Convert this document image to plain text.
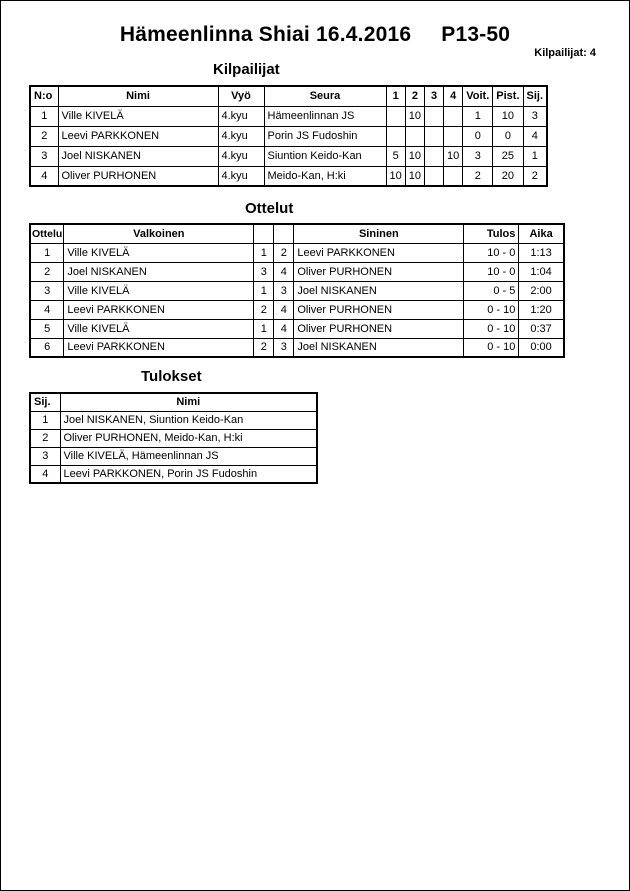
Hämeenlinna Shiai 16.4.2016 P13-50
Kilpailijat: 4
Kilpailijat
N:o	Nimi	Vyö	Seura	1	2	3	4	Voit.	Pist.	Sij.
1	Ville KIVELÄ	4.kyu	Hämeenlinnan JS		10			1	10	3
2	Leevi PARKKONEN	4.kyu	Porin JS Fudoshin					0	0	4
3	Joel NISKANEN	4.kyu	Siuntion Keido-Kan	5	10		10	3	25	1
4	Oliver PURHONEN	4.kyu	Meido-Kan, H:ki	10	10			2	20	2
Ottelut
Ottelu	Valkoinen			Sininen	Tulos	Aika
1	Ville KIVELÄ	1	2	Leevi PARKKONEN	10 - 0	1:13
2	Joel NISKANEN	3	4	Oliver PURHONEN	10 - 0	1:04
3	Ville KIVELÄ	1	3	Joel NISKANEN	0 - 5	2:00
4	Leevi PARKKONEN	2	4	Oliver PURHONEN	0 - 10	1:20
5	Ville KIVELÄ	1	4	Oliver PURHONEN	0 - 10	0:37
6	Leevi PARKKONEN	2	3	Joel NISKANEN	0 - 10	0:00
Tulokset
Sij.	Nimi
1	Joel NISKANEN, Siuntion Keido-Kan
2	Oliver PURHONEN, Meido-Kan, H:ki
3	Ville KIVELÄ, Hämeenlinnan JS
4	Leevi PARKKONEN, Porin JS Fudoshin
